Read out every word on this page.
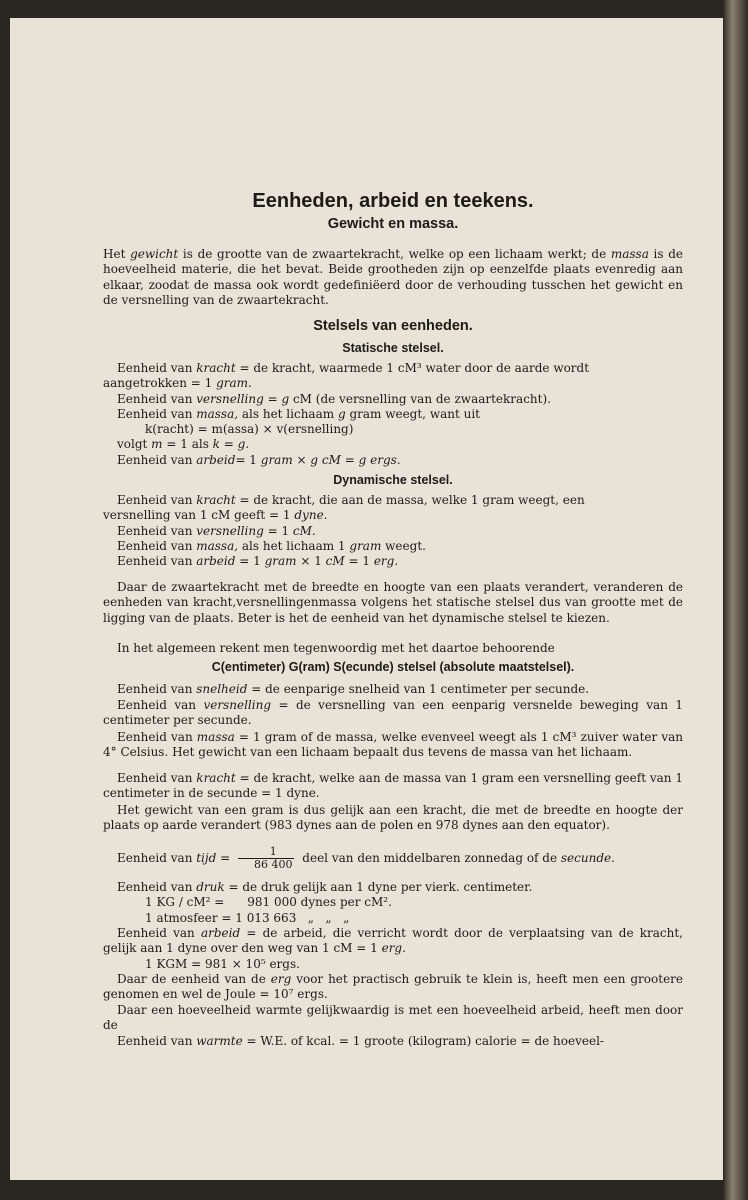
Eenheden, arbeid en teekens.
Gewicht en massa.
Het gewicht is de grootte van de zwaartekracht, welke op een lichaam werkt; de massa is de hoeveelheid materie, die het bevat. Beide grootheden zijn op eenzelfde plaats evenredig aan elkaar, zoodat de massa ook wordt gedefiniëerd door de verhouding tusschen het gewicht en de versnelling van de zwaartekracht.
Stelsels van eenheden.
Statische stelsel.
Eenheid van kracht = de kracht, waarmede 1 cM³ water door de aarde wordt
aangetrokken = 1 gram.
Eenheid van versnelling = g cM (de versnelling van de zwaartekracht).
Eenheid van massa, als het lichaam g gram weegt, want uit
k(racht) = m(assa) × v(ersnelling)
volgt m = 1 als k = g.
Eenheid van arbeid= 1 gram × g cM = g ergs.
Dynamische stelsel.
Eenheid van kracht = de kracht, die aan de massa, welke 1 gram weegt, een
versnelling van 1 cM geeft = 1 dyne.
Eenheid van versnelling = 1 cM.
Eenheid van massa, als het lichaam 1 gram weegt.
Eenheid van arbeid = 1 gram × 1 cM = 1 erg.
Daar de zwaartekracht met de breedte en hoogte van een plaats verandert, veranderen de eenheden van kracht,versnellingenmassa volgens het statische stelsel dus van grootte met de ligging van de plaats. Beter is het de eenheid van het dynamische stelsel te kiezen.
In het algemeen rekent men tegenwoordig met het daartoe behoorende
C(entimeter) G(ram) S(ecunde) stelsel (absolute maatstelsel).
Eenheid van snelheid = de eenparige snelheid van 1 centimeter per secunde.
Eenheid van versnelling = de versnelling van een eenparig versnelde beweging van 1 centimeter per secunde.
Eenheid van massa = 1 gram of de massa, welke evenveel weegt als 1 cM³ zuiver water van 4° Celsius. Het gewicht van een lichaam bepaalt dus tevens de massa van het lichaam.
Eenheid van kracht = de kracht, welke aan de massa van 1 gram een versnelling geeft van 1 centimeter in de secunde = 1 dyne.
Het gewicht van een gram is dus gelijk aan een kracht, die met de breedte en hoogte der plaats op aarde verandert (983 dynes aan de polen en 978 dynes aan den equator).
Eenheid van tijd = $\frac{1}{86 400}$ deel van den middelbaren zonnedag of de secunde.
Eenheid van druk = de druk gelijk aan 1 dyne per vierk. centimeter.
1 KG / cM² =      981 000 dynes per cM².
1 atmosfeer = 1 013 663   „   „   „
Eenheid van arbeid = de arbeid, die verricht wordt door de verplaatsing van de kracht, gelijk aan 1 dyne over den weg van 1 cM = 1 erg.
1 KGM = 981 × 10⁵ ergs.
Daar de eenheid van de erg voor het practisch gebruik te klein is, heeft men een grootere genomen en wel de Joule = 10⁷ ergs.
Daar een hoeveelheid warmte gelijkwaardig is met een hoeveelheid arbeid, heeft men door de
Eenheid van warmte = W.E. of kcal. = 1 groote (kilogram) calorie = de hoeveel-
